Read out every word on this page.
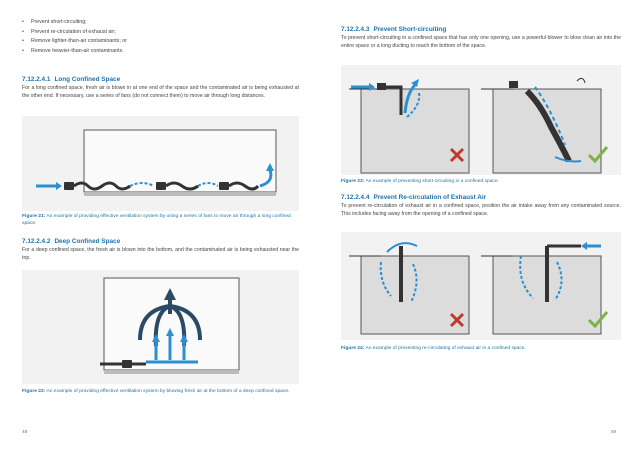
• Prevent short-circuiting;
• Prevent re-circulation of exhaust air;
• Remove lighter-than-air contaminants; or
• Remove heavier-than-air contaminants.
7.12.2.4.1 Long Confined Space
For a long confined space, fresh air is blown in at one end of the space and the contaminated air is being exhausted at the other end. If necessary, use a series of fans (do not connect them) to move air through long distances.
Figure 21: An example of providing effective ventilation system by using a series of fans to move air through a long confined space.
7.12.2.4.2 Deep Confined Space
For a deep confined space, the fresh air is blown into the bottom, and the contaminated air is being exhausted near the top.
Figure 22: An example of providing effective ventilation system by blowing fresh air at the bottom of a deep confined space.
48
7.12.2.4.3 Prevent Short-circuiting
To prevent short-circuiting in a confined space that has only one opening, use a powerful blower to blow clean air into the entire space or a long ducting to reach the bottom of the space.
Figure 23: An example of preventing short-circuiting in a confined space.
7.12.2.4.4 Prevent Re-circulation of Exhaust Air
To prevent re-circulation of exhaust air in a confined space, position the air intake away from any contaminated source. This includes facing away from the opening of a confined space.
Figure 24: An example of preventing re-circulating of exhaust air in a confined space.
49
